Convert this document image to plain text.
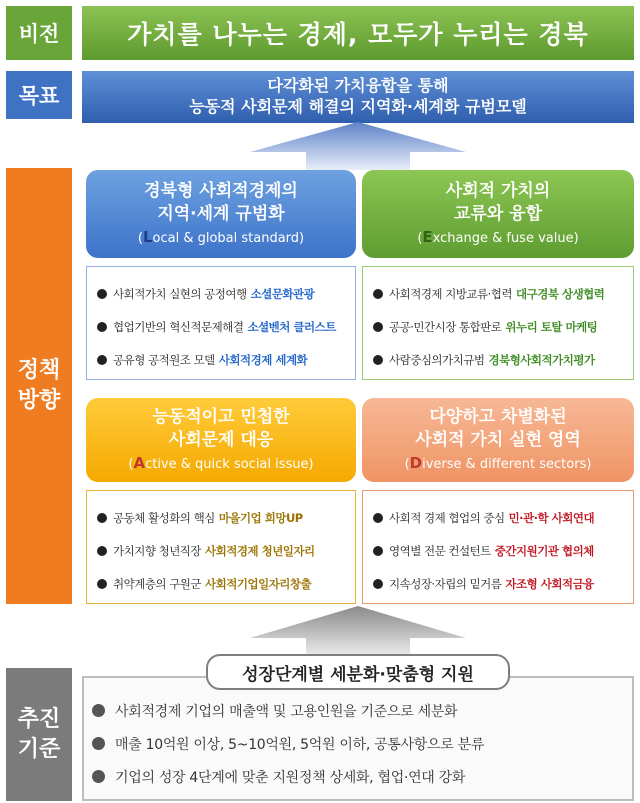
비전
목표
정책
방향
추진
기준
가치를 나누는 경제, 모두가 누리는 경북
다각화된 가치융합을 통해
능동적 사회문제 해결의 지역화·세계화 규범모델
경북형 사회적경제의
지역·세계 규범화
(Local & global standard)
사회적 가치의
교류와 융합
(Exchange & fuse value)
능동적이고 민첩한
사회문제 대응
(Active & quick social issue)
다양하고 차별화된
사회적 가치 실현 영역
(Diverse & different sectors)
사회적가치 실현의 공정여행 소셜문화관광
협업기반의 혁신적문제해결 소셜벤처 클러스트
공유형 공적원조 모델 사회적경제 세계화
사회적경제 지방교류·협력 대구경북 상생협력
공공·민간시장 통합판로 위누리 토탈 마케팅
사람중심의가치규범 경북형사회적가치평가
공동체 활성화의 핵심 마을기업 희망UP
가치지향 청년직장 사회적경제 청년일자리
취약계층의 구원군 사회적기업일자리창출
사회적 경제 협업의 중심 민·관·학 사회연대
영역별 전문 컨설턴트 중간지원기관 협의체
지속성장·자립의 밑거름 자조형 사회적금융
성장단계별 세분화·맞춤형 지원
사회적경제 기업의 매출액 및 고용인원을 기준으로 세분화
매출 10억원 이상, 5~10억원, 5억원 이하, 공통사항으로 분류
기업의 성장 4단계에 맞춘 지원정책 상세화, 협업·연대 강화
